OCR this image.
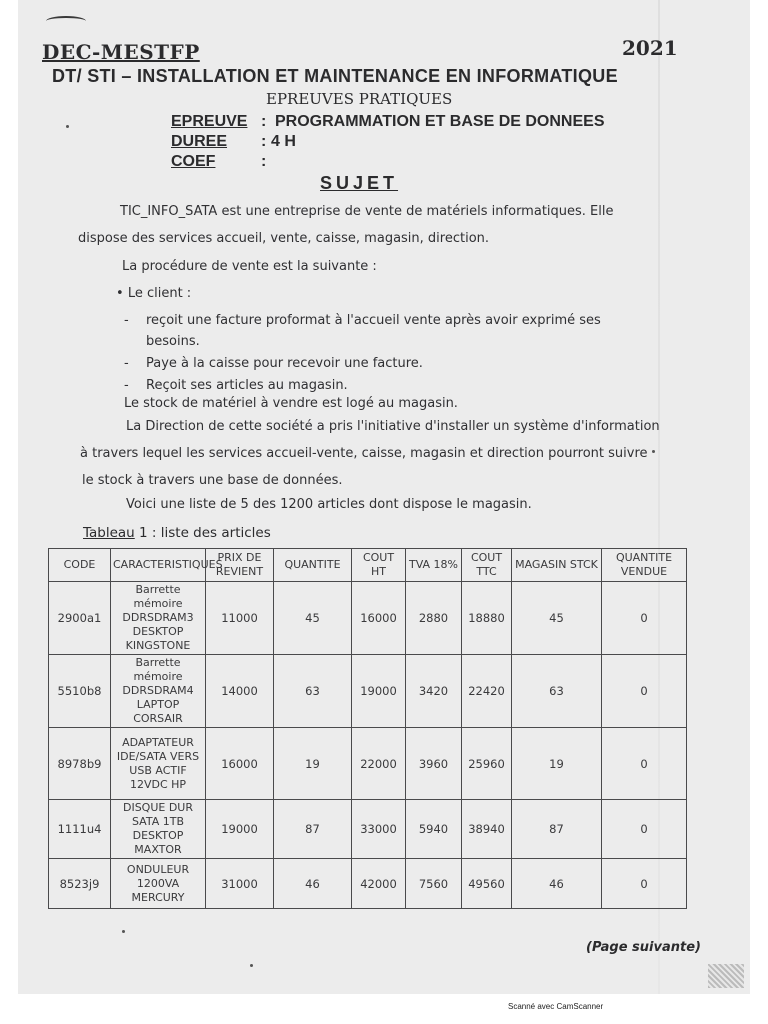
DEC-MESTFP	2021
DT/ STI – INSTALLATION ET MAINTENANCE EN INFORMATIQUE
EPREUVES PRATIQUES
EPREUVE : PROGRAMMATION ET BASE DE DONNEES
DUREE	: 4 H
COEF	:
SUJET
TIC_INFO_SATA est une entreprise de vente de matériels informatiques. Elle
dispose des services accueil, vente, caisse, magasin, direction.
La procédure de vente est la suivante :
• Le client :
- reçoit une facture proformat à l'accueil vente après avoir exprimé ses
besoins.
- Paye à la caisse pour recevoir une facture.
- Reçoit ses articles au magasin.
Le stock de matériel à vendre est logé au magasin.
La Direction de cette société a pris l'initiative d'installer un système d'information
à travers lequel les services accueil-vente, caisse, magasin et direction pourront suivre
le stock à travers une base de données.
Voici une liste de 5 des 1200 articles dont dispose le magasin.
Tableau 1 : liste des articles
CODE	CARACTERISTIQUES	PRIX DE REVIENT	QUANTITE	COUT HT	TVA 18%	COUT TTC	MAGASIN STCK	QUANTITE VENDUE
2900a1	Barrette mémoire DDRSDRAM3 DESKTOP KINGSTONE	11000	45	16000	2880	18880	45	0
5510b8	Barrette mémoire DDRSDRAM4 LAPTOP CORSAIR	14000	63	19000	3420	22420	63	0
8978b9	ADAPTATEUR IDE/SATA VERS USB ACTIF 12VDC HP	16000	19	22000	3960	25960	19	0
1111u4	DISQUE DUR SATA 1TB DESKTOP MAXTOR	19000	87	33000	5940	38940	87	0
8523j9	ONDULEUR 1200VA MERCURY	31000	46	42000	7560	49560	46	0
(Page suivante)
Scanné avec CamScanner
